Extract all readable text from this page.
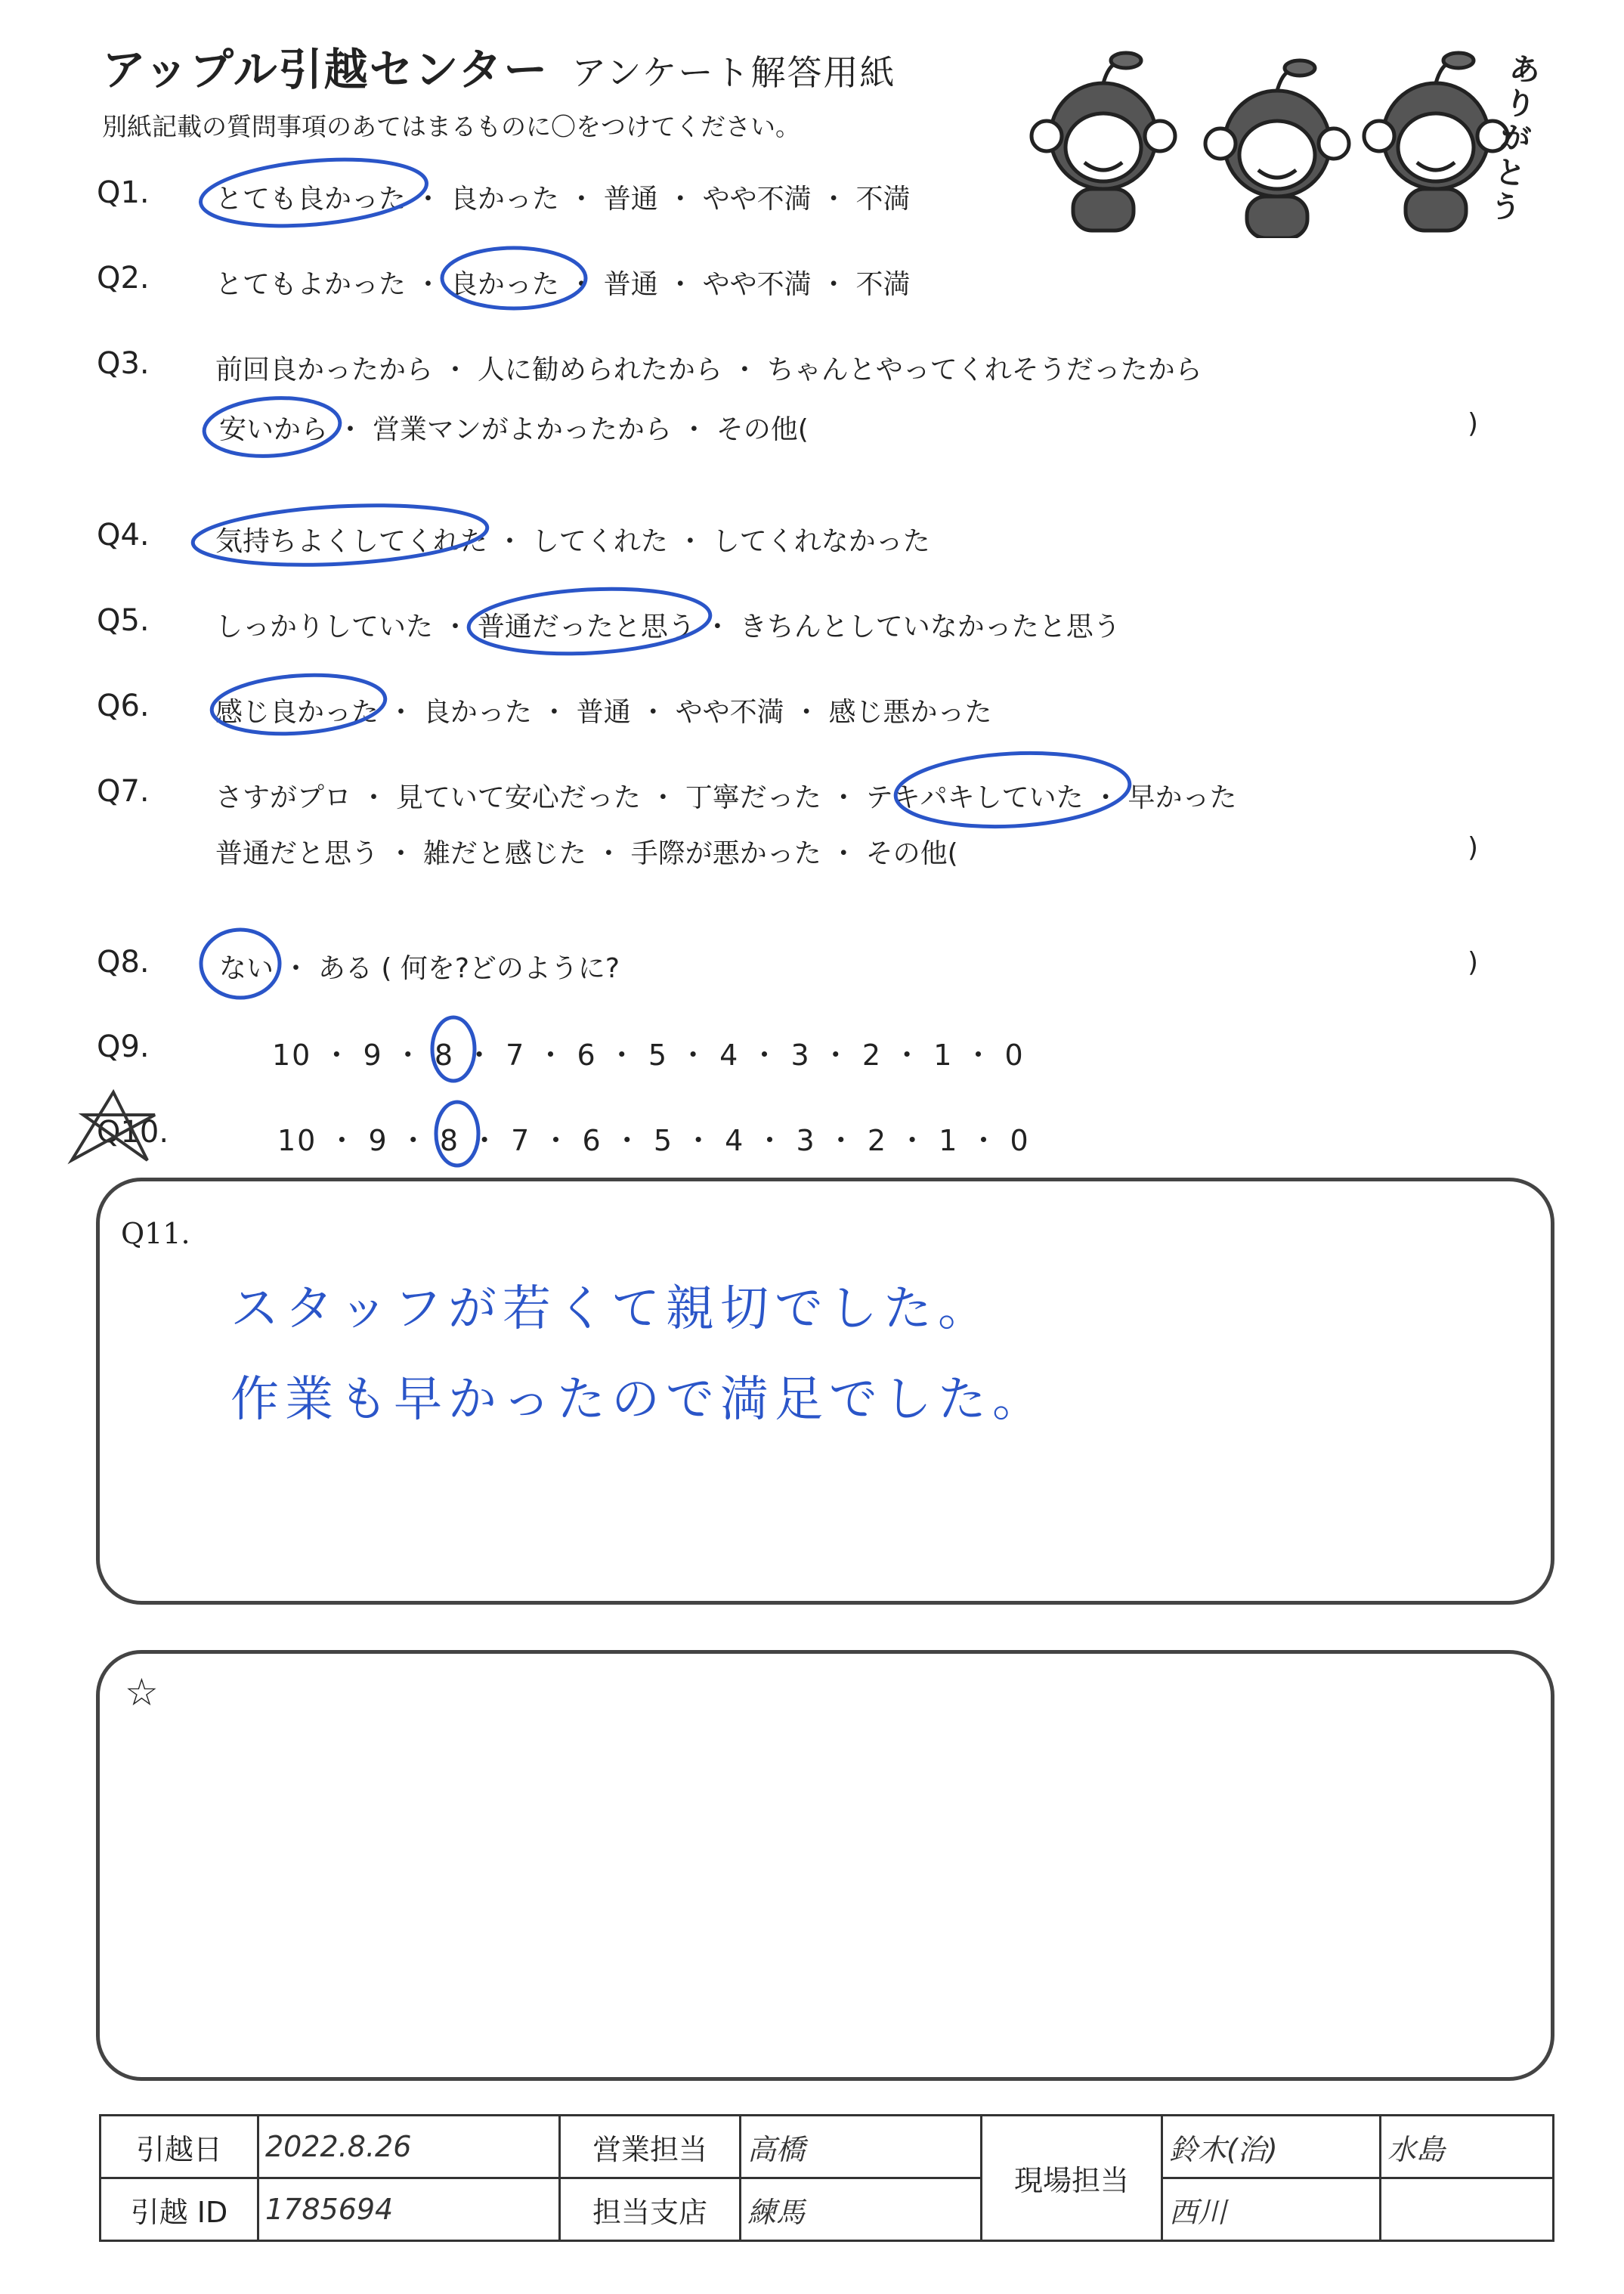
アップル引越センター アンケート解答用紙
別紙記載の質問事項のあてはまるものに〇をつけてください。
ありがとう
Q1. とても良かった ・ 良かった ・ 普通 ・ やや不満 ・ 不満
Q2. とてもよかった ・ 良かった ・ 普通 ・ やや不満 ・ 不満
Q3. 前回良かったから ・ 人に勧められたから ・ ちゃんとやってくれそうだったから
安いから ・ 営業マンがよかったから ・ その他(	)
Q4. 気持ちよくしてくれた ・ してくれた ・ してくれなかった
Q5. しっかりしていた ・ 普通だったと思う ・ きちんとしていなかったと思う
Q6. 感じ良かった ・ 良かった ・ 普通 ・ やや不満 ・ 感じ悪かった
Q7. さすがプロ ・ 見ていて安心だった ・ 丁寧だった ・ テキパキしていた ・ 早かった
普通だと思う ・ 雑だと感じた ・ 手際が悪かった ・ その他(	)
Q8.	ない ・ ある ( 何を?どのように?	)
Q9.	10 ・ 9 ・ 8 ・ 7 ・ 6 ・ 5 ・ 4 ・ 3 ・ 2 ・ 1 ・ 0
Q10.	10 ・ 9 ・ 8 ・ 7 ・ 6 ・ 5 ・ 4 ・ 3 ・ 2 ・ 1 ・ 0
Q11.
スタッフが若くて親切でした。
作業も早かったので満足でした。
☆
引越日	2022.8.26	営業担当	高橋	現場担当	鈴木(治)	水島
引越 ID	1785694	担当支店	練馬		西川	
